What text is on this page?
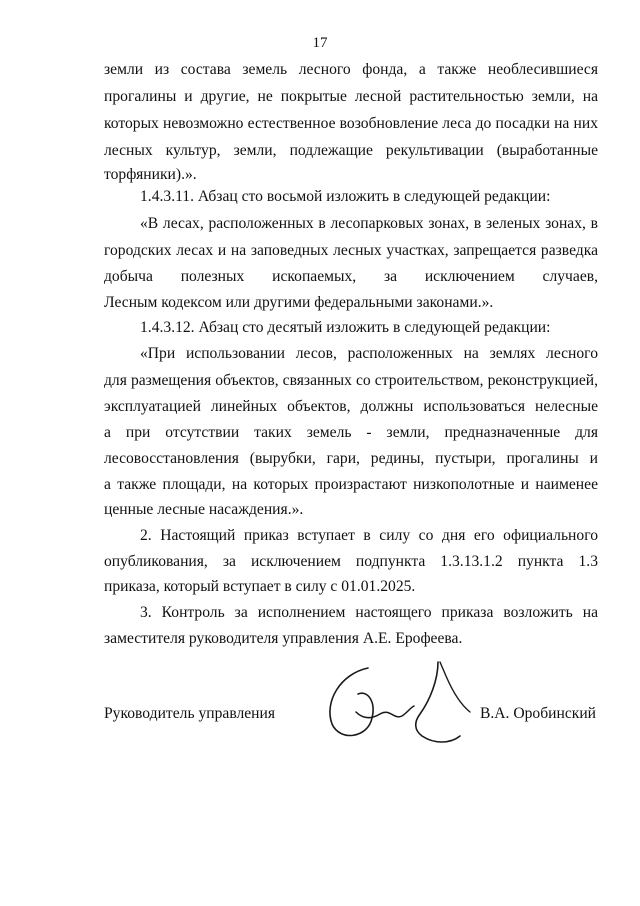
17
земли из состава земель лесного фонда, а также необлесившиеся
прогалины и другие, не покрытые лесной растительностью земли, на
которых невозможно естественное возобновление леса до посадки на них
лесных культур, земли, подлежащие рекультивации (выработанные
торфяники).».
1.4.3.11. Абзац сто восьмой изложить в следующей редакции:
«В лесах, расположенных в лесопарковых зонах, в зеленых зонах, в
городских лесах и на заповедных лесных участках, запрещается разведка
добыча полезных ископаемых, за исключением случаев,
Лесным кодексом или другими федеральными законами.».
1.4.3.12. Абзац сто десятый изложить в следующей редакции:
«При использовании лесов, расположенных на землях лесного
для размещения объектов, связанных со строительством, реконструкцией,
эксплуатацией линейных объектов, должны использоваться нелесные
а при отсутствии таких земель - земли, предназначенные для
лесовосстановления (вырубки, гари, редины, пустыри, прогалины и
а также площади, на которых произрастают низкополотные и наименее
ценные лесные насаждения.».
2. Настоящий приказ вступает в силу со дня его официального
опубликования, за исключением подпункта 1.3.13.1.2 пункта 1.3
приказа, который вступает в силу с 01.01.2025.
3. Контроль за исполнением настоящего приказа возложить на
заместителя руководителя управления А.Е. Ерофеева.
Руководитель управления	В.А. Оробинский
